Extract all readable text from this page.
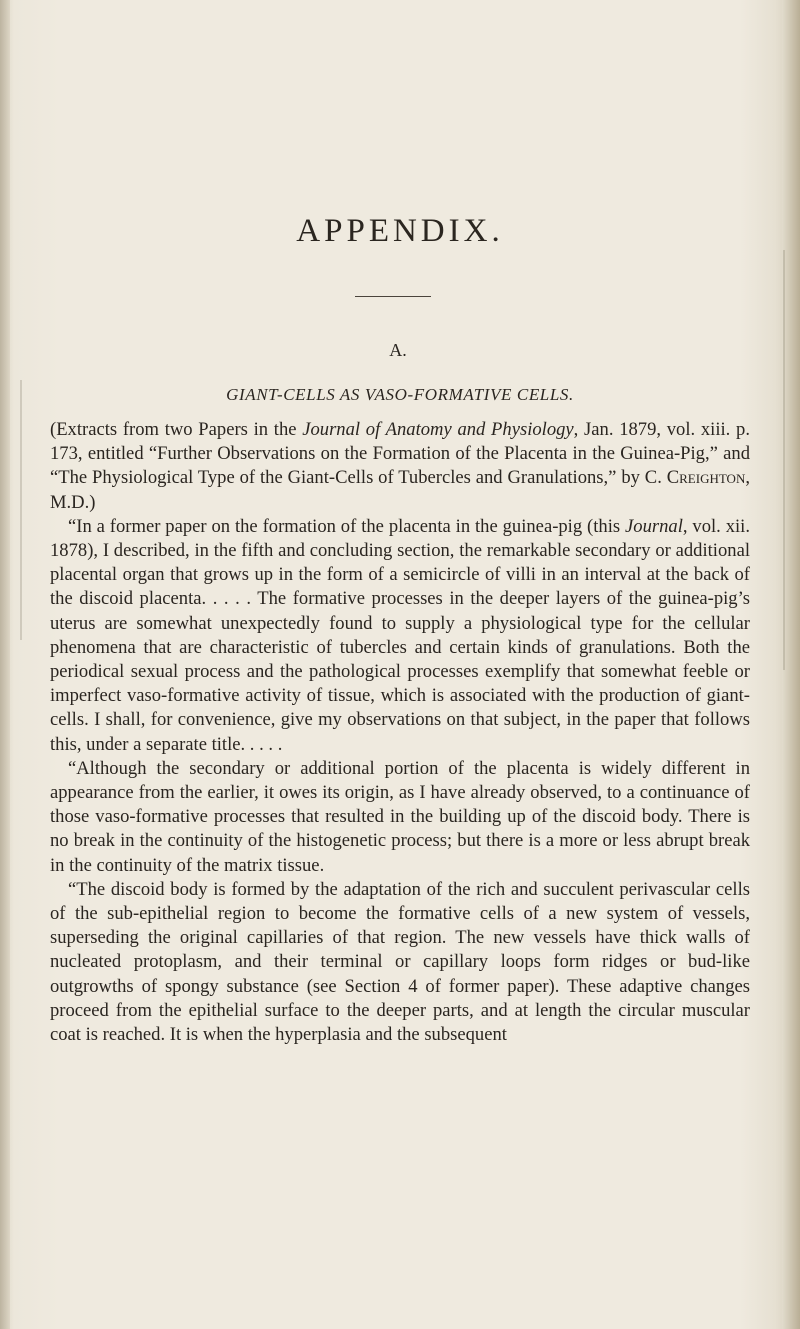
APPENDIX.
A.
GIANT-CELLS AS VASO-FORMATIVE CELLS.

(Extracts from two Papers in the Journal of Anatomy and Physiology, Jan. 1879, vol. xiii. p. 173, entitled “Further Observations on the Formation of the Placenta in the Guinea-Pig,” and “The Physiological Type of the Giant-Cells of Tubercles and Granulations,” by C. Creighton, M.D.)

“In a former paper on the formation of the placenta in the guinea-pig (this Journal, vol. xii. 1878), I described, in the fifth and concluding section, the remarkable secondary or additional placental organ that grows up in the form of a semicircle of villi in an interval at the back of the discoid placenta. . . . . The formative processes in the deeper layers of the guinea-pig’s uterus are somewhat unexpectedly found to supply a physiological type for the cellular phenomena that are characteristic of tubercles and certain kinds of granulations. Both the periodical sexual process and the pathological processes exemplify that somewhat feeble or imperfect vaso-formative activity of tissue, which is associated with the production of giant-cells. I shall, for convenience, give my observations on that subject, in the paper that follows this, under a separate title. . . . .

“Although the secondary or additional portion of the placenta is widely different in appearance from the earlier, it owes its origin, as I have already observed, to a continuance of those vaso-formative processes that resulted in the building up of the discoid body. There is no break in the continuity of the histogenetic process; but there is a more or less abrupt break in the continuity of the matrix tissue.

“The discoid body is formed by the adaptation of the rich and succulent perivascular cells of the sub-epithelial region to become the formative cells of a new system of vessels, superseding the original capillaries of that region. The new vessels have thick walls of nucleated protoplasm, and their terminal or capillary loops form ridges or bud-like outgrowths of spongy substance (see Section 4 of former paper). These adaptive changes proceed from the epithelial surface to the deeper parts, and at length the circular muscular coat is reached. It is when the hyperplasia and the subsequent
